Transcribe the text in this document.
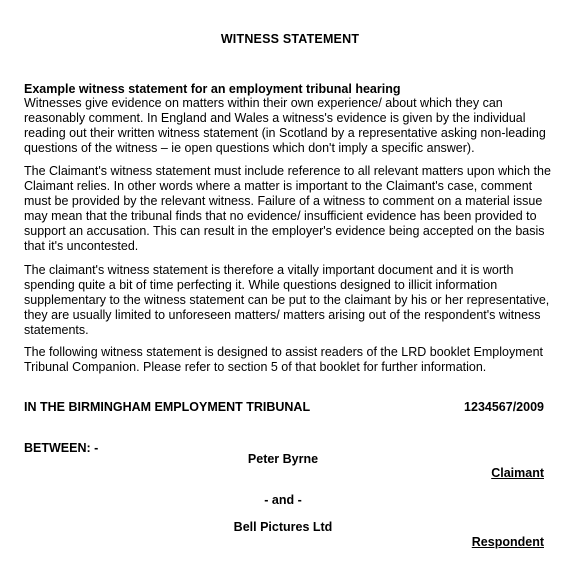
WITNESS STATEMENT
Example witness statement for an employment tribunal hearing

Witnesses give evidence on matters within their own experience/ about which they can reasonably comment. In England and Wales a witness's evidence is given by the individual reading out their written witness statement (in Scotland by a representative asking non-leading questions of the witness – ie open questions which don't imply a specific answer).

The Claimant's witness statement must include reference to all relevant matters upon which the Claimant relies. In other words where a matter is important to the Claimant's case, comment must be provided by the relevant witness. Failure of a witness to comment on a material issue may mean that the tribunal finds that no evidence/ insufficient evidence has been provided to support an accusation. This can result in the employer's evidence being accepted on the basis that it's uncontested.

The claimant's witness statement is therefore a vitally important document and it is worth spending quite a bit of time perfecting it. While questions designed to illicit information supplementary to the witness statement can be put to the claimant by his or her representative, they are usually limited to unforeseen matters/ matters arising out of the respondent's witness statements.

The following witness statement is designed to assist readers of the LRD booklet Employment Tribunal Companion. Please refer to section 5 of that booklet for further information.

IN THE BIRMINGHAM EMPLOYMENT TRIBUNAL	1234567/2009
BETWEEN: -
Peter Byrne
Claimant
- and -
Bell Pictures Ltd
Respondent
